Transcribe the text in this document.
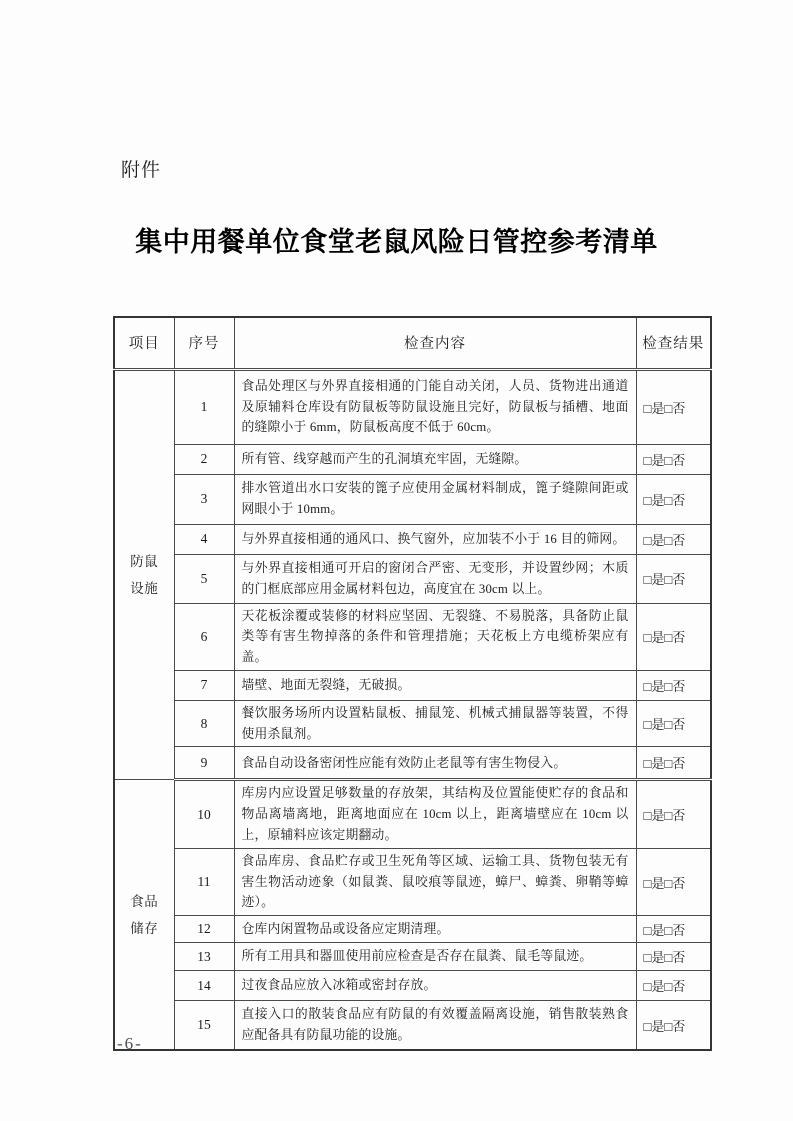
附件
集中用餐单位食堂老鼠风险日管控参考清单
项目	序号	检查内容	检查结果
防鼠设施	1	食品处理区与外界直接相通的门能自动关闭，人员、货物进出通道及原辅料仓库设有防鼠板等防鼠设施且完好，防鼠板与插槽、地面的缝隙小于 6mm，防鼠板高度不低于 60cm。	□是□否
	2	所有管、线穿越而产生的孔洞填充牢固，无缝隙。	□是□否
	3	排水管道出水口安装的篦子应使用金属材料制成，篦子缝隙间距或网眼小于 10mm。	□是□否
	4	与外界直接相通的通风口、换气窗外，应加装不小于 16 目的筛网。	□是□否
	5	与外界直接相通可开启的窗闭合严密、无变形，并设置纱网；木质的门框底部应用金属材料包边，高度宜在 30cm 以上。	□是□否
	6	天花板涂覆或装修的材料应坚固、无裂缝、不易脱落，具备防止鼠类等有害生物掉落的条件和管理措施；天花板上方电缆桥架应有盖。	□是□否
	7	墙壁、地面无裂缝，无破损。	□是□否
	8	餐饮服务场所内设置粘鼠板、捕鼠笼、机械式捕鼠器等装置，不得使用杀鼠剂。	□是□否
	9	食品自动设备密闭性应能有效防止老鼠等有害生物侵入。	□是□否
食品储存	10	库房内应设置足够数量的存放架，其结构及位置能使贮存的食品和物品离墙离地，距离地面应在 10cm 以上，距离墙壁应在 10cm 以上，原辅料应该定期翻动。	□是□否
	11	食品库房、食品贮存或卫生死角等区域、运输工具、货物包装无有害生物活动迹象（如鼠粪、鼠咬痕等鼠迹，蟑尸、蟑粪、卵鞘等蟑迹）。	□是□否
	12	仓库内闲置物品或设备应定期清理。	□是□否
	13	所有工用具和器皿使用前应检查是否存在鼠粪、鼠毛等鼠迹。	□是□否
	14	过夜食品应放入冰箱或密封存放。	□是□否
	15	直接入口的散装食品应有防鼠的有效覆盖隔离设施，销售散装熟食应配备具有防鼠功能的设施。	□是□否
-6-
